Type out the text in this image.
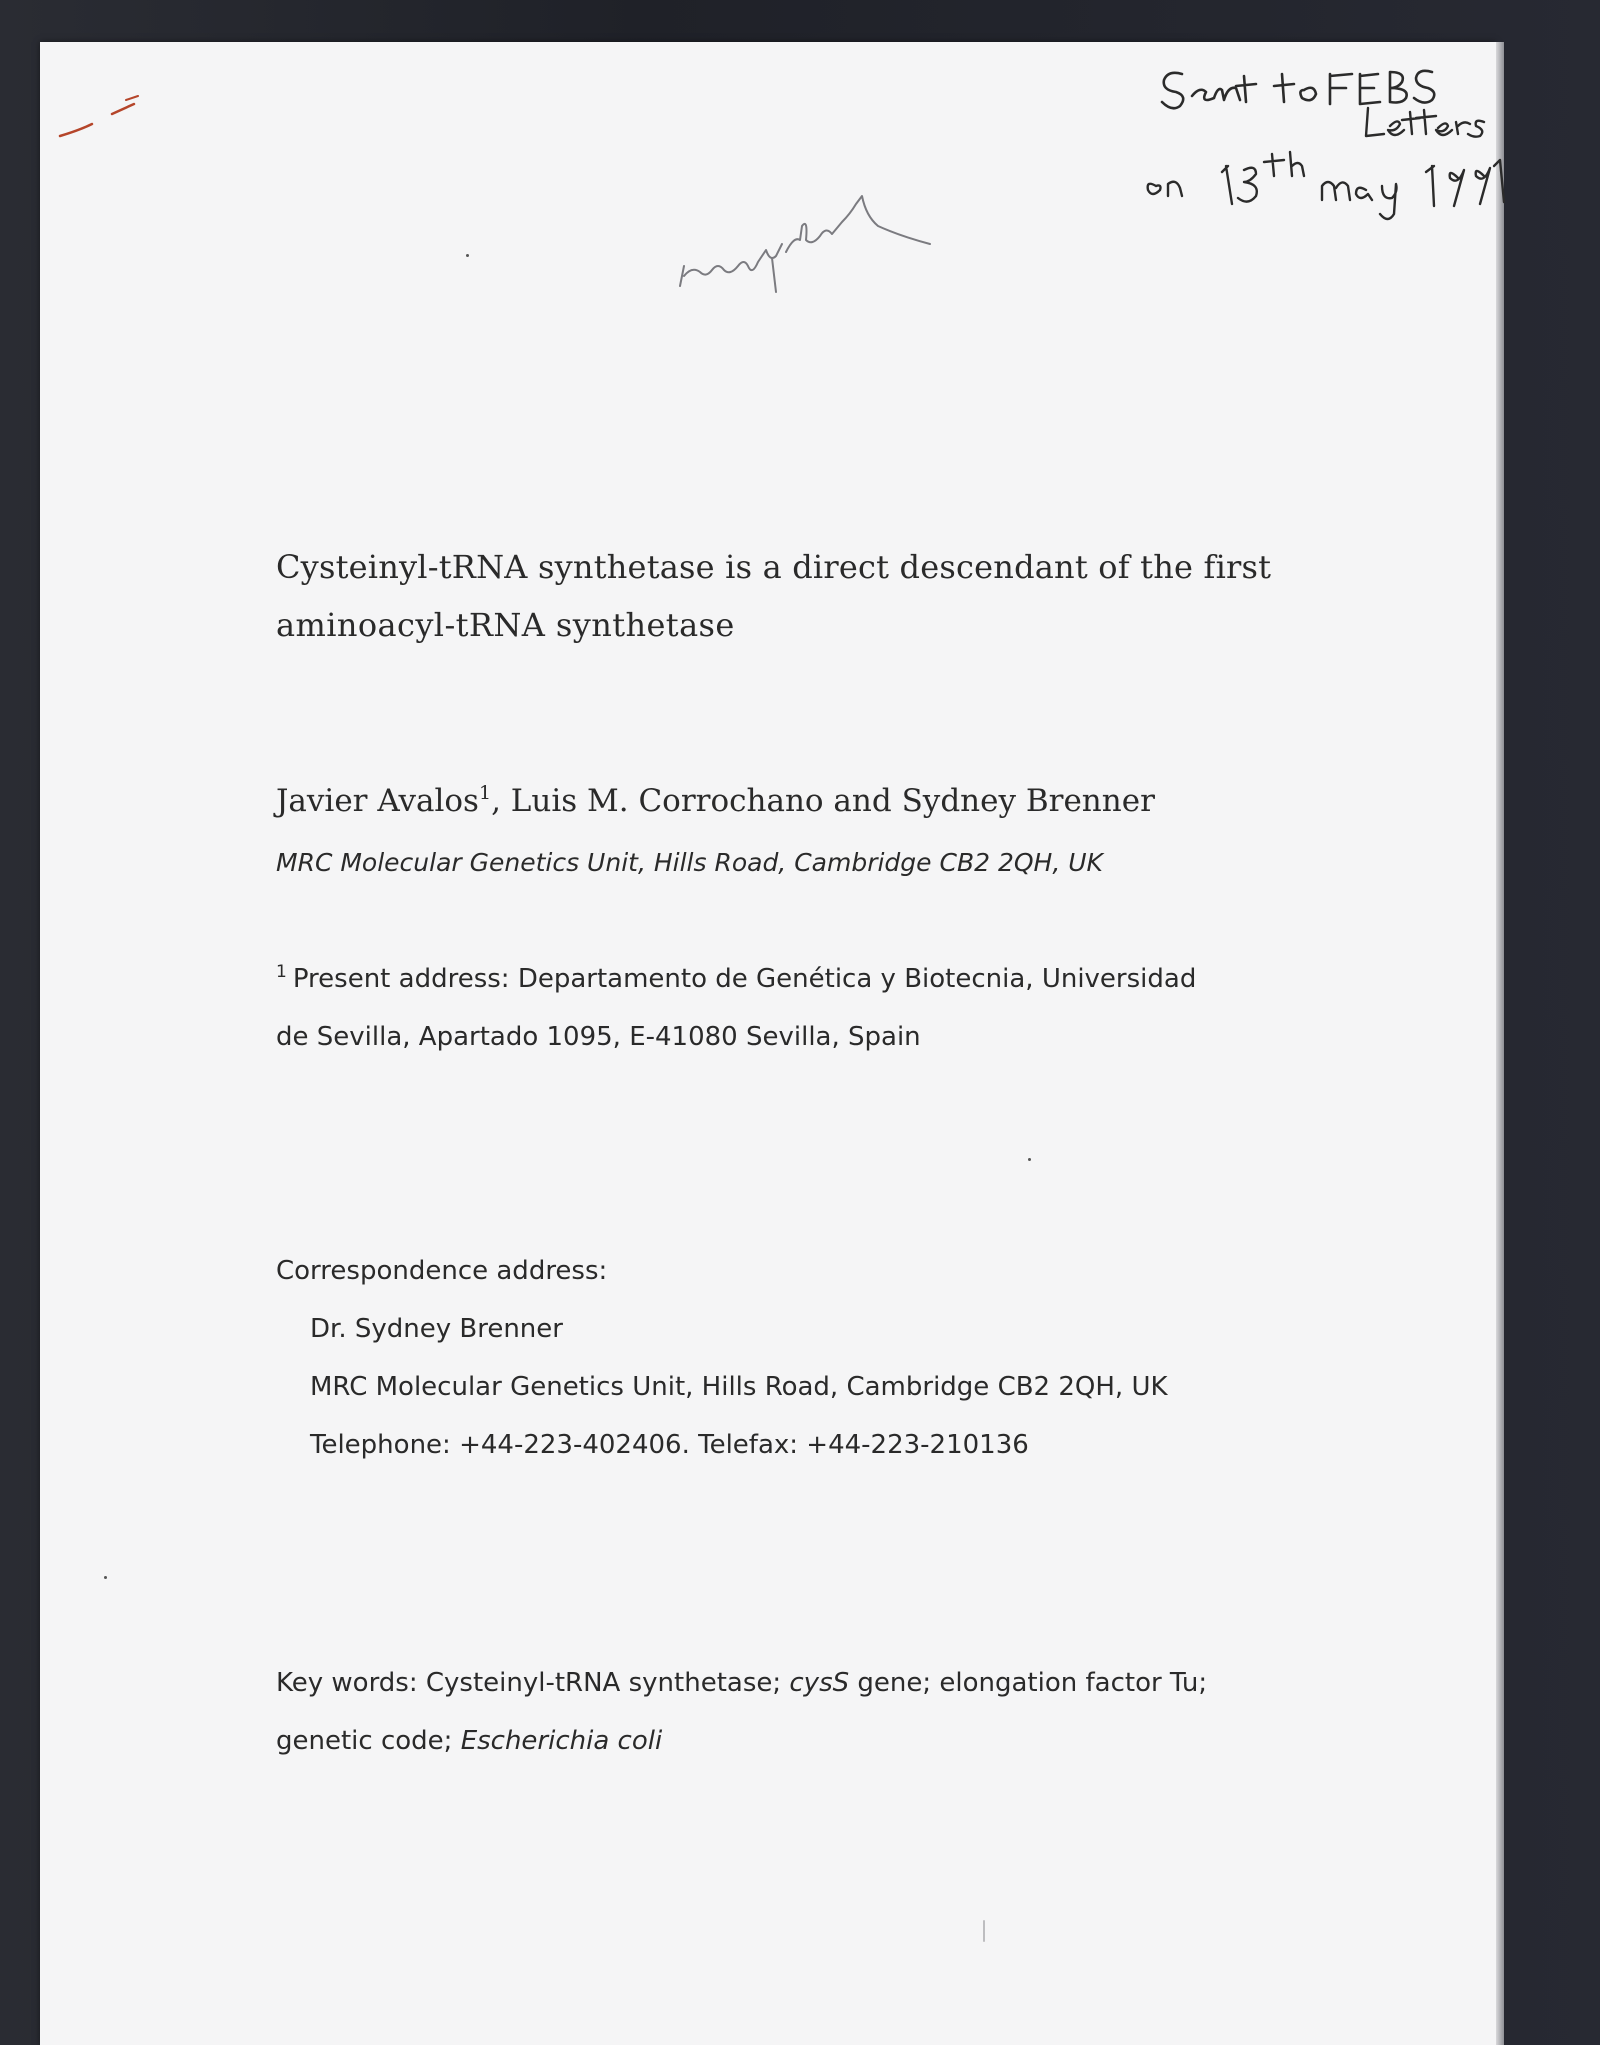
Cysteinyl-tRNA synthetase is a direct descendant of the first
aminoacyl-tRNA synthetase
Javier Avalos$^1$, Luis M. Corrochano and Sydney Brenner
MRC Molecular Genetics Unit, Hills Road, Cambridge CB2 2QH, UK
$^1$ Present address: Departamento de Genética y Biotecnia, Universidad
de Sevilla, Apartado 1095, E-41080 Sevilla, Spain
Correspondence address:
Dr. Sydney Brenner
MRC Molecular Genetics Unit, Hills Road, Cambridge CB2 2QH, UK
Telephone: +44-223-402406. Telefax: +44-223-210136
Key words: Cysteinyl-tRNA synthetase; cysS gene; elongation factor Tu;
genetic code; Escherichia coli
